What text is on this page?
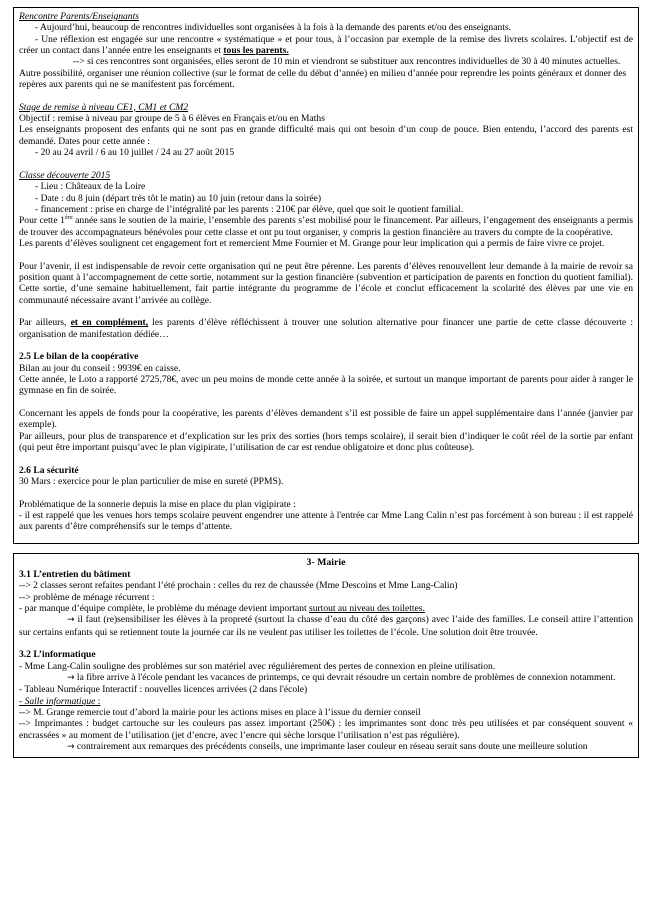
Rencontre Parents/Enseignants

- Aujourd’hui, beaucoup de rencontres individuelles sont organisées à la fois à la demande des parents et/ou des enseignants.

- Une réflexion est engagée sur une rencontre « systématique » et pour tous, à l’occasion par exemple de la remise des livrets scolaires. L’objectif est de créer un contact dans l’année entre les enseignants et tous les parents.

--> si ces rencontres sont organisées, elles seront de 10 min et viendront se substituer aux rencontres individuelles de 30 à 40 minutes actuelles.

Autre possibilité, organiser une réunion collective (sur le format de celle du début d’année) en milieu d’année pour reprendre les points généraux et donner des repères aux parents qui ne se manifestent pas forcément.

Stage de remise à niveau CE1, CM1 et CM2

Objectif : remise à niveau par groupe de 5 à 6 élèves en Français et/ou en Maths

Les enseignants proposent des enfants qui ne sont pas en grande difficulté mais qui ont besoin d’un coup de pouce. Bien entendu, l’accord des parents est demandé. Dates pour cette année :

- 20 au 24 avril / 6 au 10 juillet / 24 au 27 août 2015

Classe découverte 2015

- Lieu : Châteaux de la Loire

- Date : du 8 juin (départ très tôt le matin) au 10 juin (retour dans la soirée)

- financement : prise en charge de l’intégralité par les parents : 210€ par élève, quel que soit le quotient familial.

Pour cette 1ère année sans le soutien de la mairie, l’ensemble des parents s’est mobilisé pour le financement. Par ailleurs, l’engagement des enseignants a permis de trouver des accompagnateurs bénévoles pour cette classe et ont pu tout organiser, y compris la gestion financière au travers du compte de la coopérative.

Les parents d’élèves soulignent cet engagement fort et remercient Mme Fournier et M. Grange pour leur implication qui a permis de faire vivre ce projet.

Pour l’avenir, il est indispensable de revoir cette organisation qui ne peut être pérenne. Les parents d’élèves renouvellent leur demande à la mairie de revoir sa position quant à l’accompagnement de cette sortie, notamment sur la gestion financière (subvention et participation de parents en fonction du quotient familial). Cette sortie, d’une semaine habituellement, fait partie intégrante du programme de l’école et conclut efficacement la scolarité des élèves par une vie en communauté nécessaire avant l’arrivée au collège.

Par ailleurs, et en complément, les parents d’élève réfléchissent à trouver une solution alternative pour financer une partie de cette classe découverte : organisation de manifestation dédiée…

2.5 Le bilan de la coopérative

Bilan au jour du conseil : 9939€ en caisse.

Cette année, le Loto a rapporté 2725,78€, avec un peu moins de monde cette année à la soirée, et surtout un manque important de parents pour aider à ranger le gymnase en fin de soirée.

Concernant les appels de fonds pour la coopérative, les parents d’élèves demandent s’il est possible de faire un appel supplémentaire dans l’année (janvier par exemple).

Par ailleurs, pour plus de transparence et d’explication sur les prix des sorties (hors temps scolaire), il serait bien d’indiquer le coût réel de la sortie par enfant (qui peut être important puisqu’avec le plan vigipirate, l’utilisation de car est rendue obligatoire et donc plus coûteuse).

2.6 La sécurité

30 Mars : exercice pour le plan particulier de mise en sureté (PPMS).

Problématique de la sonnerie depuis la mise en place du plan vigipirate :

- il est rappelé que les venues hors temps scolaire peuvent engendrer une attente à l'entrée car Mme Lang Calin n’est pas forcément à son bureau : il est rappelé aux parents d’être compréhensifs sur le temps d’attente.

3- Mairie

3.1 L’entretien du bâtiment

--> 2 classes seront refaites pendant l’été prochain : celles du rez de chaussée (Mme Descoins et Mme Lang-Calin)

--> problème de ménage récurrent :

- par manque d’équipe complète, le problème du ménage devient important surtout au niveau des toilettes.

→ il faut (re)sensibiliser les élèves à la propreté (surtout la chasse d’eau du côté des garçons) avec l’aide des familles. Le conseil attire l’attention sur certains enfants qui se retiennent toute la journée car ils ne veulent pas utiliser les toilettes de l’école. Une solution doit être trouvée.

3.2 L’informatique

- Mme Lang-Calin souligne des problèmes sur son matériel avec régulièrement des pertes de connexion en pleine utilisation.

→ la fibre arrive à l'école pendant les vacances de printemps, ce qui devrait résoudre un certain nombre de problèmes de connexion notamment.

- Tableau Numérique Interactif : nouvelles licences arrivées (2 dans l'école)

- Salle informatique :

--> M. Grange remercie tout d’abord la mairie pour les actions mises en place à l’issue du dernier conseil

--> Imprimantes : budget cartouche sur les couleurs pas assez important (250€) : les imprimantes sont donc très peu utilisées et par conséquent souvent « encrassées » au moment de l’utilisation (jet d’encre, avec l’encre qui sèche lorsque l’utilisation n’est pas régulière).

→ contrairement aux remarques des précédents conseils, une imprimante laser couleur en réseau serait sans doute une meilleure solution
